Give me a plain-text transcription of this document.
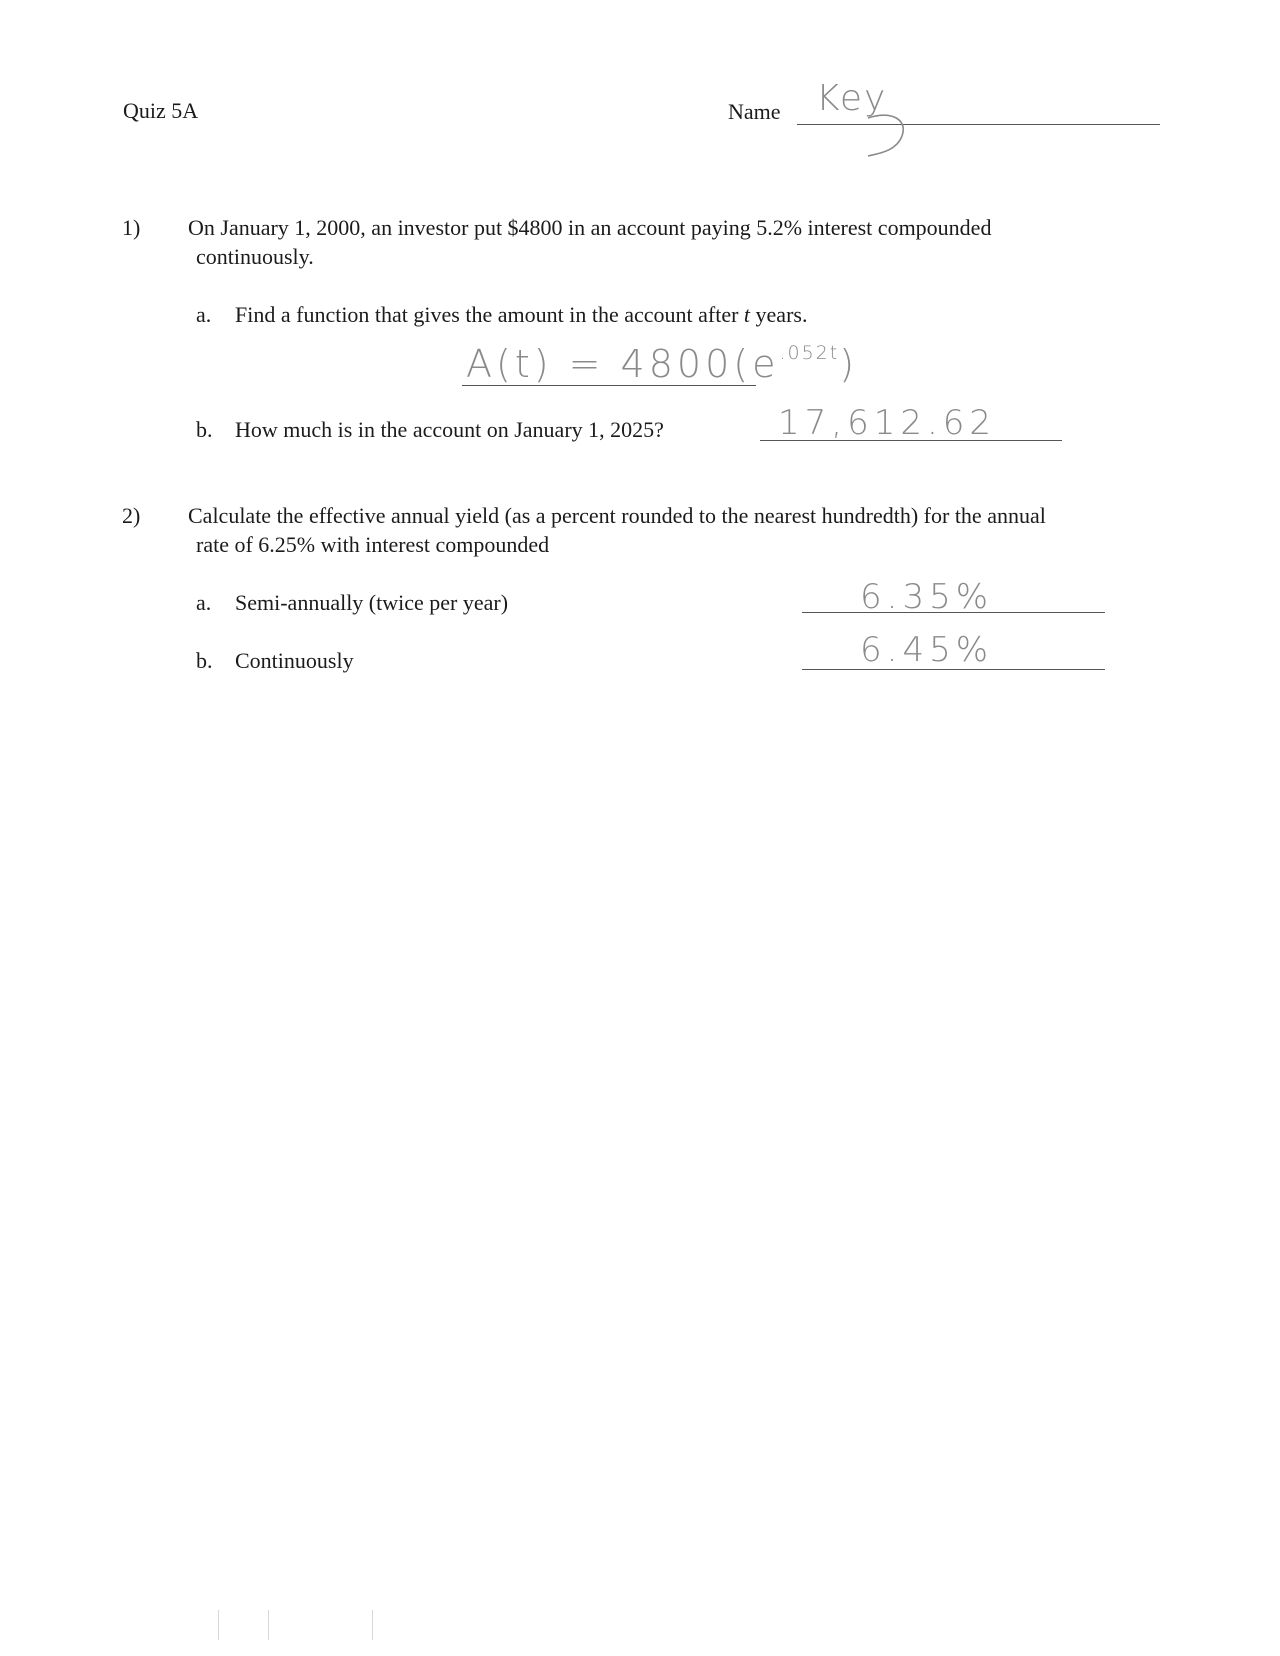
Quiz 5A	Name Key
1) On January 1, 2000, an investor put $4800 in an account paying 5.2% interest compounded
continuously.
a. Find a function that gives the amount in the account after t years.
$A(t) = 4800(e^{.052t})$
b. How much is in the account on January 1, 2025?	17,612.62
2) Calculate the effective annual yield (as a percent rounded to the nearest hundredth) for the annual
rate of 6.25% with interest compounded
a. Semi-annually (twice per year)	6.35%
b. Continuously	6.45%
